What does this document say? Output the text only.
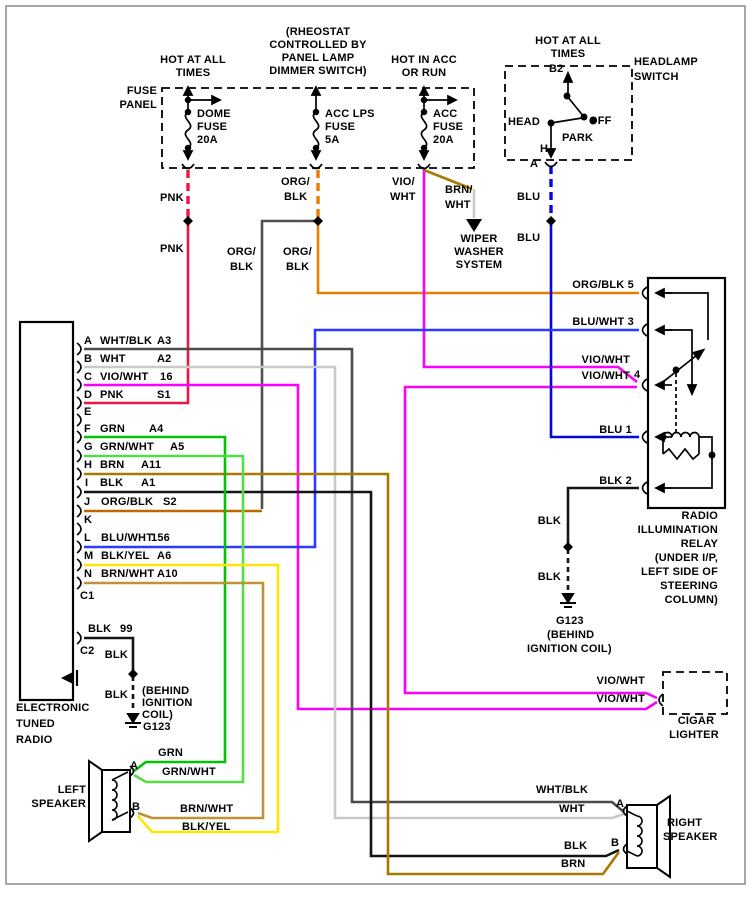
FUSE
PANEL
HOT AT ALL
TIMES
(RHEOSTAT
CONTROLLED BY
PANEL LAMP
DIMMER SWITCH)
HOT IN ACC
OR RUN
HOT AT ALL
TIMES
HEADLAMP
SWITCH
DOME
FUSE
20A
ACC LPS
FUSE
5A
ACC
FUSE
20A
B2
HEAD	OFF
PARK
H
A
PNK
PNK
ORG/
BLK
ORG/
BLK
ORG/
BLK
VIO/
WHT
BRN/
WHT
WIPER
WASHER
SYSTEM
BLU
BLU
ORG/BLK 5
BLU/WHT 3
VIO/WHT
VIO/WHT 4
BLU 1
BLK 2
RADIO
ILLUMINATION
RELAY
(UNDER I/P,
LEFT SIDE OF
STEERING
COLUMN)
BLK
BLK
G123
(BEHIND
IGNITION COIL)
VIO/WHT
VIO/WHT
CIGAR
LIGHTER
A WHT/BLK A3
B WHT	A2
C VIO/WHT 16
D PNK	S1
E
F GRN A4
G GRN/WHT A5
H BRN A11
I BLK A1
J ORG/BLK S2
K
L BLU/WHT
156
M BLK/YEL A6
N BRN/WHT A10
C1
BLK 99
C2 BLK
BLK (BEHIND
IGNITION
COIL)
G123
ELECTRONIC
TUNED
RADIO
LEFT
SPEAKER
A
B
GRN
GRN/WHT
BRN/WHT
BLK/YEL
WHT/BLK
WHT
BLK
BRN
A
B
RIGHT
SPEAKER
